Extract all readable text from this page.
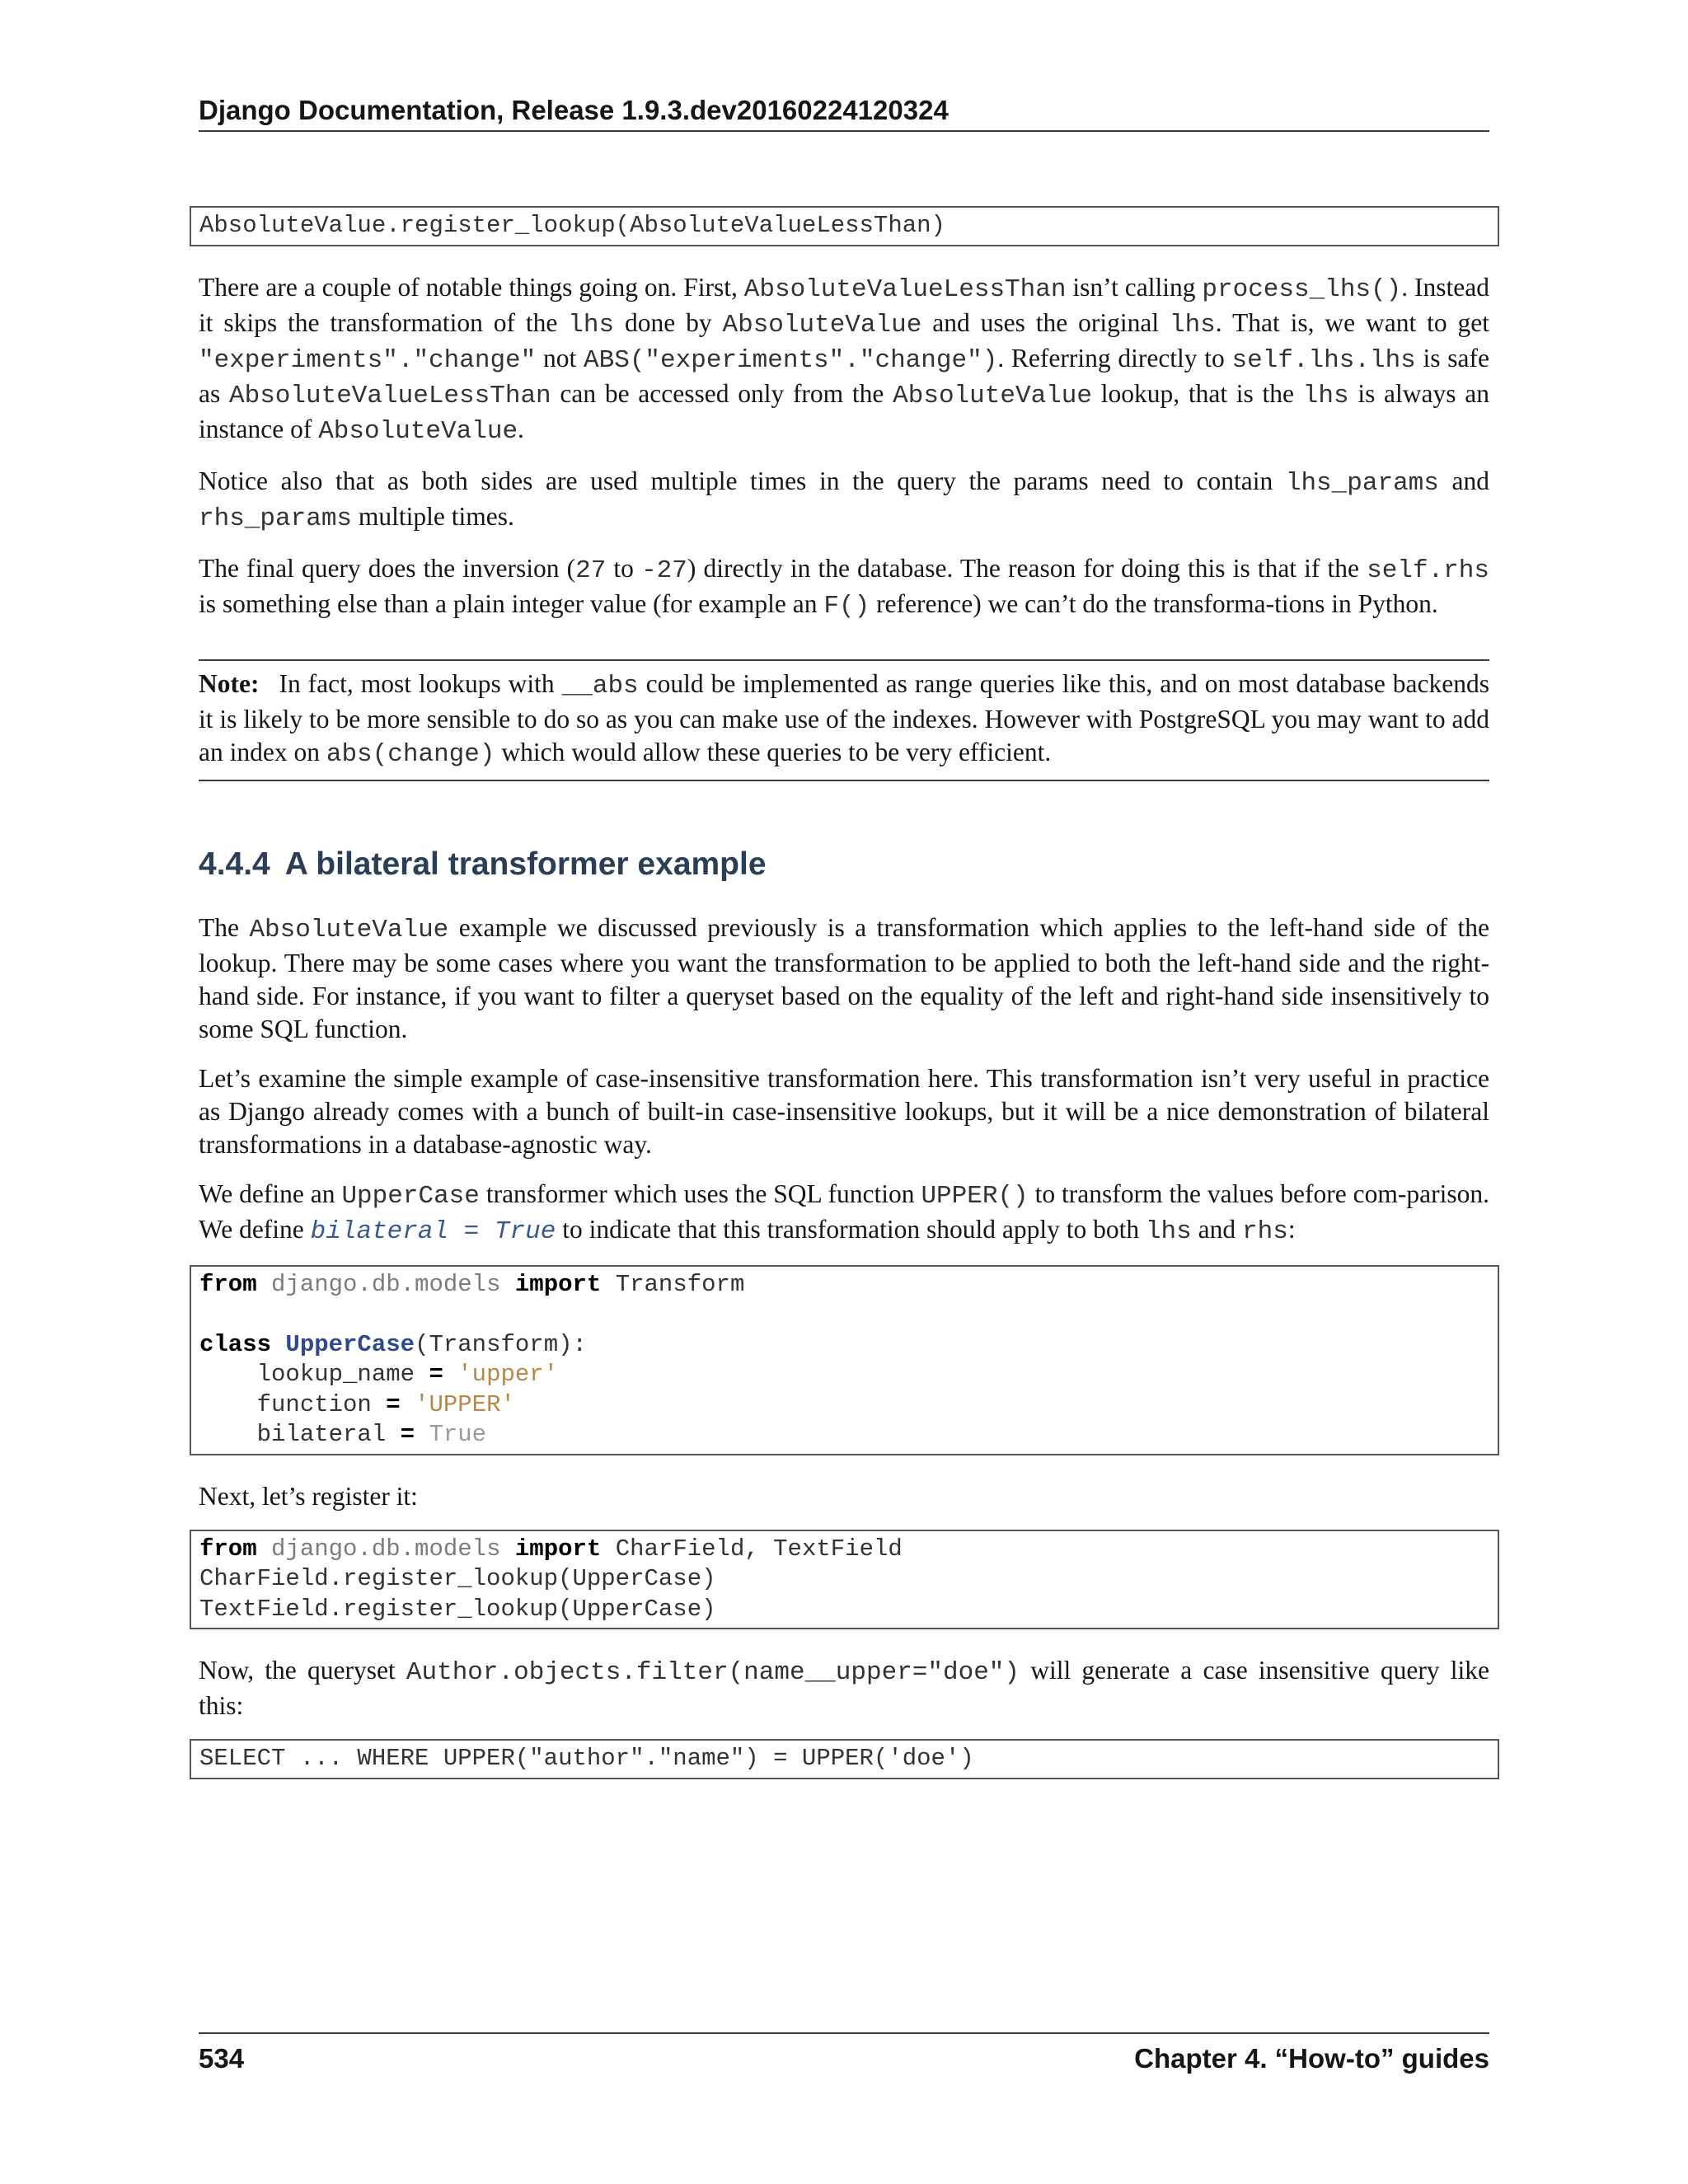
Django Documentation, Release 1.9.3.dev20160224120324
AbsoluteValue.register_lookup(AbsoluteValueLessThan)

There are a couple of notable things going on. First, AbsoluteValueLessThan isn’t calling process_lhs(). Instead it skips the transformation of the lhs done by AbsoluteValue and uses the original lhs. That is, we want to get "experiments"."change" not ABS("experiments"."change"). Referring directly to self.lhs.lhs is safe as AbsoluteValueLessThan can be accessed only from the AbsoluteValue lookup, that is the lhs is always an instance of AbsoluteValue.

Notice also that as both sides are used multiple times in the query the params need to contain lhs_params and rhs_params multiple times.

The final query does the inversion (27 to -27) directly in the database. The reason for doing this is that if the self.rhs is something else than a plain integer value (for example an F() reference) we can’t do the transforma-tions in Python.

Note: In fact, most lookups with __abs could be implemented as range queries like this, and on most database backends it is likely to be more sensible to do so as you can make use of the indexes. However with PostgreSQL you may want to add an index on abs(change) which would allow these queries to be very efficient.

4.4.4 A bilateral transformer example

The AbsoluteValue example we discussed previously is a transformation which applies to the left-hand side of the lookup. There may be some cases where you want the transformation to be applied to both the left-hand side and the right-hand side. For instance, if you want to filter a queryset based on the equality of the left and right-hand side insensitively to some SQL function.

Let’s examine the simple example of case-insensitive transformation here. This transformation isn’t very useful in practice as Django already comes with a bunch of built-in case-insensitive lookups, but it will be a nice demonstration of bilateral transformations in a database-agnostic way.

We define an UpperCase transformer which uses the SQL function UPPER() to transform the values before com-parison. We define bilateral = True to indicate that this transformation should apply to both lhs and rhs:

from django.db.models import Transform
class UpperCase(Transform):
lookup_name = 'upper'
function = 'UPPER'
bilateral = True

Next, let’s register it:

from django.db.models import CharField, TextField
CharField.register_lookup(UpperCase)
TextField.register_lookup(UpperCase)

Now, the queryset Author.objects.filter(name__upper="doe") will generate a case insensitive query like this:

SELECT ... WHERE UPPER("author"."name") = UPPER('doe')
534	Chapter 4. “How-to” guides
